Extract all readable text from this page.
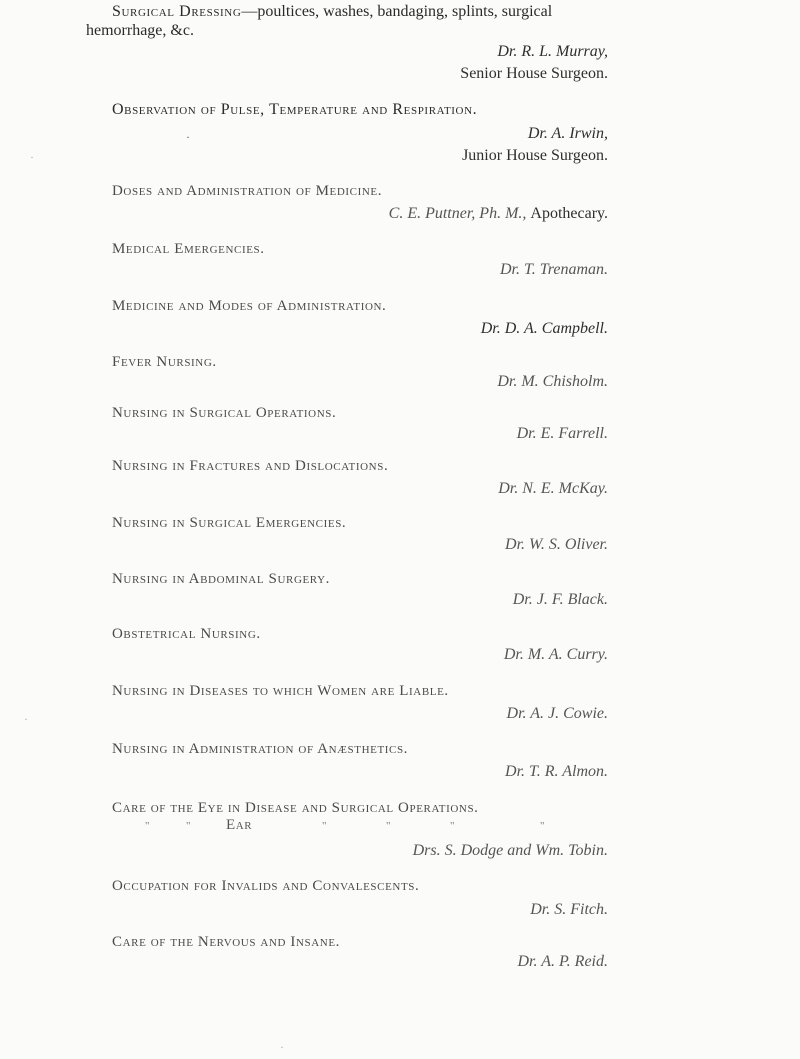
Surgical Dressing—poultices, washes, bandaging, splints, surgical
hemorrhage, &c.
Dr. R. L. Murray,
Senior House Surgeon.
Observation of Pulse, Temperature and Respiration.
Dr. A. Irwin,
Junior House Surgeon.
Doses and Administration of Medicine.
C. E. Puttner, Ph. M., Apothecary.
Medical Emergencies.
Dr. T. Trenaman.
Medicine and Modes of Administration.
Dr. D. A. Campbell.
Fever Nursing.
Dr. M. Chisholm.
Nursing in Surgical Operations.
Dr. E. Farrell.
Nursing in Fractures and Dislocations.
Dr. N. E. McKay.
Nursing in Surgical Emergencies.
Dr. W. S. Oliver.
Nursing in Abdominal Surgery.
Dr. J. F. Black.
Obstetrical Nursing.
Dr. M. A. Curry.
Nursing in Diseases to which Women are Liable.
Dr. A. J. Cowie.
Nursing in Administration of Anæsthetics.
Dr. T. R. Almon.
Care of the Eye in Disease and Surgical Operations.
"	" Ear	"	"	"	"
Drs. S. Dodge and Wm. Tobin.
Occupation for Invalids and Convalescents.
Dr. S. Fitch.
Care of the Nervous and Insane.
Dr. A. P. Reid.
·
·
·
·
